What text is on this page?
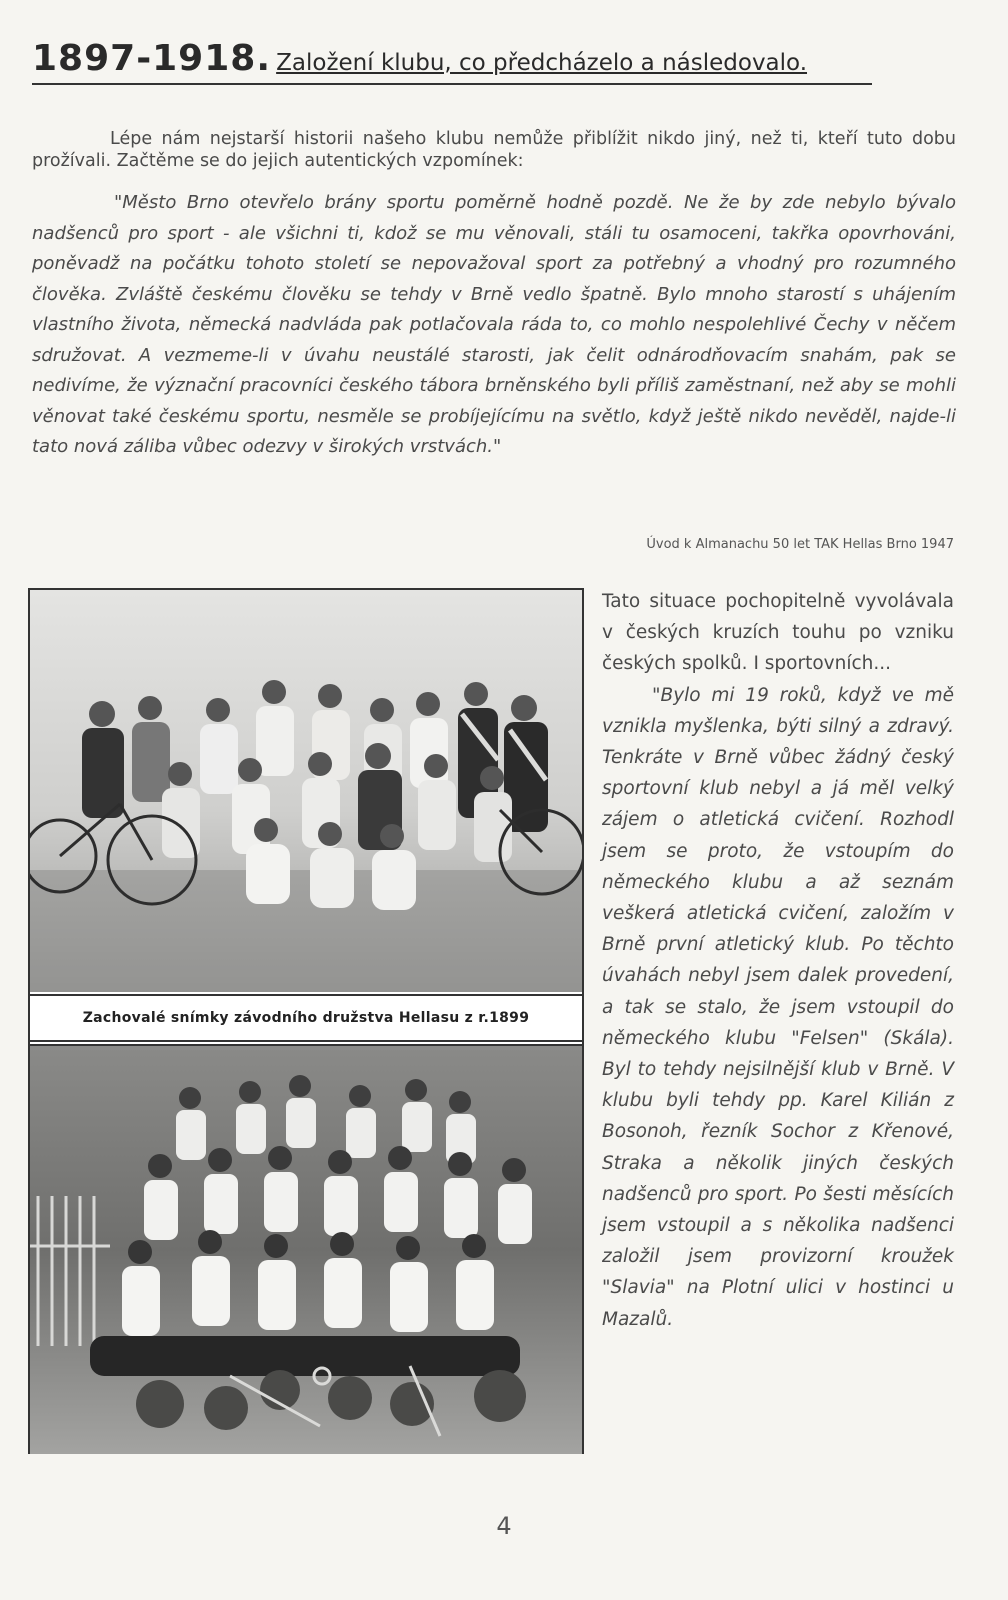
1897-1918. Založení klubu, co předcházelo a následovalo.

Lépe nám nejstarší historii našeho klubu nemůže přiblížit nikdo jiný, než ti, kteří tuto dobu prožívali. Začtěme se do jejich autentických vzpomínek:

"Město Brno otevřelo brány sportu poměrně hodně pozdě. Ne že by zde nebylo bývalo nadšenců pro sport - ale všichni ti, kdož se mu věnovali, stáli tu osamoceni, takřka opovrhováni, poněvadž na počátku tohoto století se nepovažoval sport za potřebný a vhodný pro rozumného člověka. Zvláště českému člověku se tehdy v Brně vedlo špatně. Bylo mnoho starostí s uhájením vlastního života, německá nadvláda pak potlačovala ráda to, co mohlo nespolehlivé Čechy v něčem sdružovat. A vezmeme-li v úvahu neustálé starosti, jak čelit odnárodňovacím snahám, pak se nedivíme, že význační pracovníci českého tábora brněnského byli příliš zaměstnaní, než aby se mohli věnovat také českému sportu, nesměle se probíjejícímu na světlo, když ještě nikdo nevěděl, najde-li tato nová záliba vůbec odezvy v širokých vrstvách."

Úvod k Almanachu 50 let TAK Hellas Brno 1947
Zachovalé snímky závodního družstva Hellasu z r.1899

Tato situace pochopitelně vyvolávala v českých kruzích touhu po vzniku českých spolků. I sportovních...

"Bylo mi 19 roků, když ve mě vznikla myšlenka, býti silný a zdravý. Tenkráte v Brně vůbec žádný český sportovní klub nebyl a já měl velký zájem o atletická cvičení. Rozhodl jsem se proto, že vstoupím do německého klubu a až seznám veškerá atletická cvičení, založím v Brně první atletický klub. Po těchto úvahách nebyl jsem dalek provedení, a tak se stalo, že jsem vstoupil do německého klubu "Felsen" (Skála). Byl to tehdy nejsilnější klub v Brně. V klubu byli tehdy pp. Karel Kilián z Bosonoh, řezník Sochor z Křenové, Straka a několik jiných českých nadšenců pro sport. Po šesti měsících jsem vstoupil a s několika nadšenci založil jsem provizorní kroužek "Slavia" na Plotní ulici v hostinci u Mazalů.

4
